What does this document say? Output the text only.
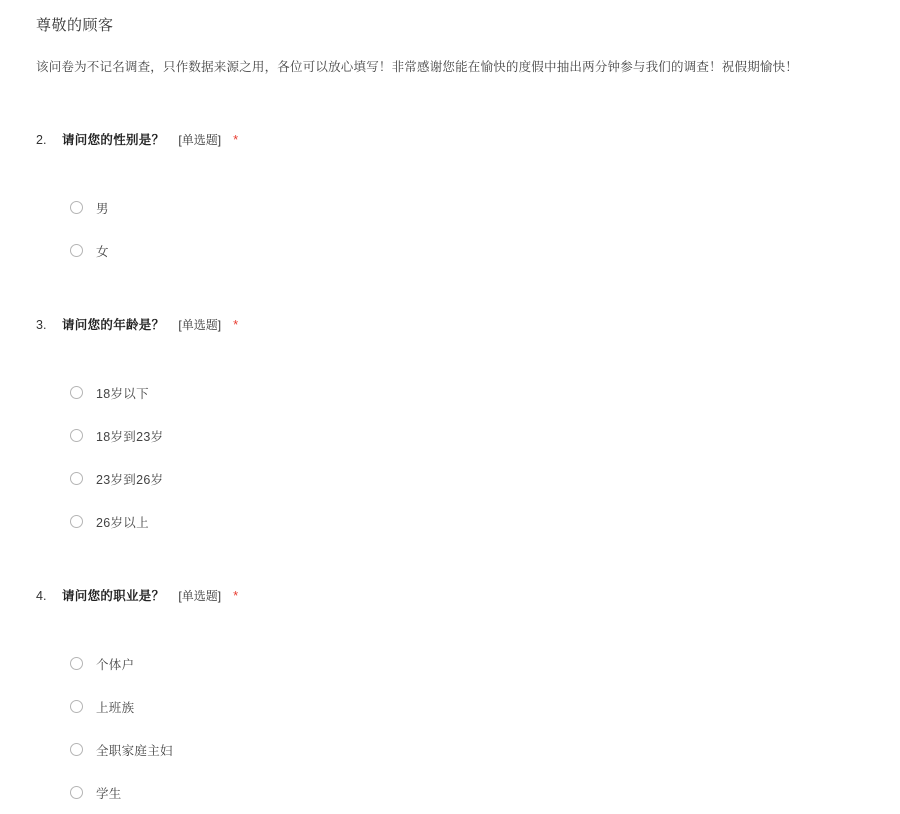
尊敬的顾客
该问卷为不记名调查，只作数据来源之用，各位可以放心填写！非常感谢您能在愉快的度假中抽出两分钟参与我们的调查！祝假期愉快！
2.	请问您的性别是？ [单选题] *
男
女
3.	请问您的年龄是？ [单选题] *
18岁以下
18岁到23岁
23岁到26岁
26岁以上
4.	请问您的职业是？ [单选题] *
个体户
上班族
全职家庭主妇
学生
